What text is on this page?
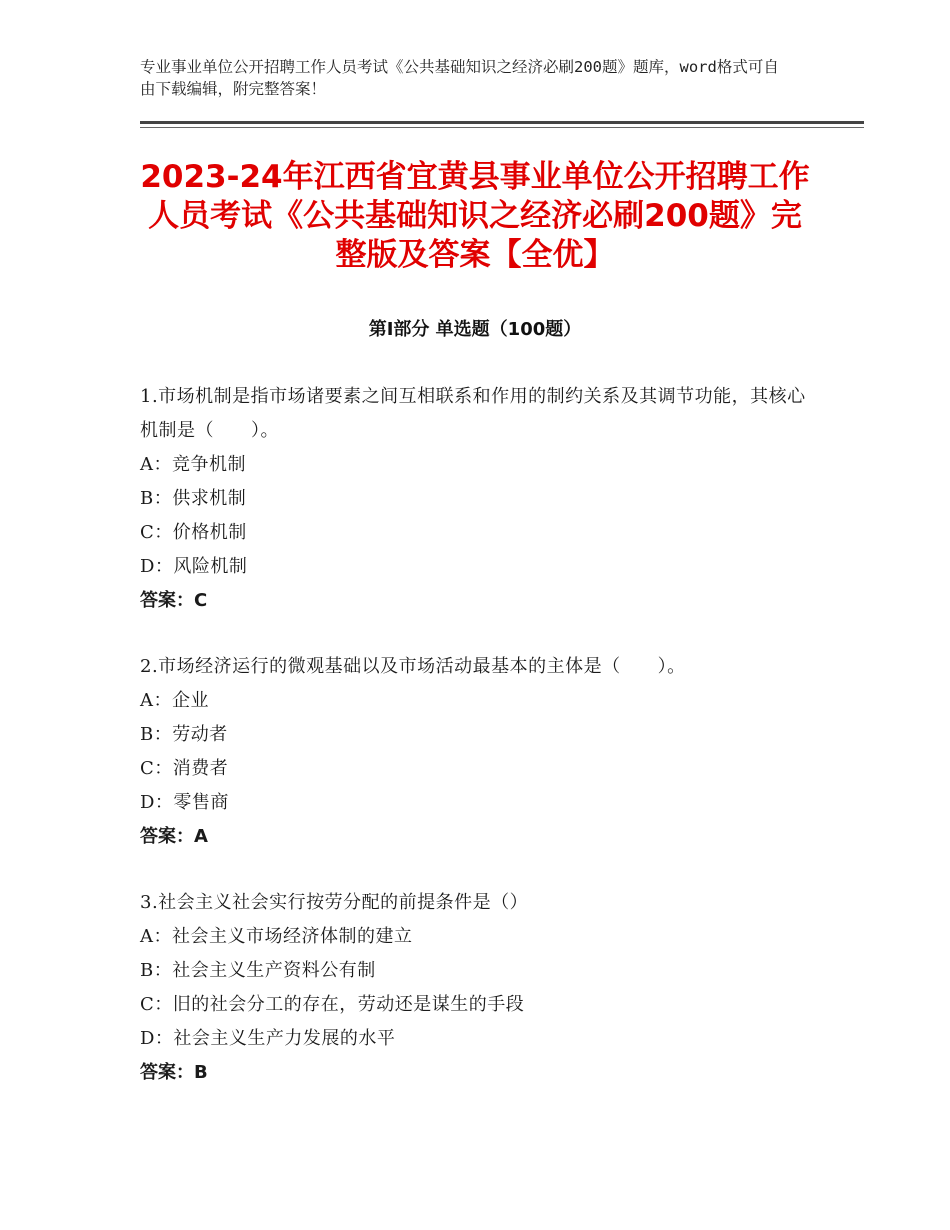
专业事业单位公开招聘工作人员考试《公共基础知识之经济必刷200题》题库，word格式可自由下载编辑，附完整答案！
2023-24年江西省宜黄县事业单位公开招聘工作人员考试《公共基础知识之经济必刷200题》完整版及答案【全优】
第Ⅰ部分 单选题（100题）
1.市场机制是指市场诸要素之间互相联系和作用的制约关系及其调节功能，其核心机制是（　　）。
A：竞争机制
B：供求机制
C：价格机制
D：风险机制
答案：C
2.市场经济运行的微观基础以及市场活动最基本的主体是（　　）。
A：企业
B：劳动者
C：消费者
D：零售商
答案：A
3.社会主义社会实行按劳分配的前提条件是（）
A：社会主义市场经济体制的建立
B：社会主义生产资料公有制
C：旧的社会分工的存在，劳动还是谋生的手段
D：社会主义生产力发展的水平
答案：B
